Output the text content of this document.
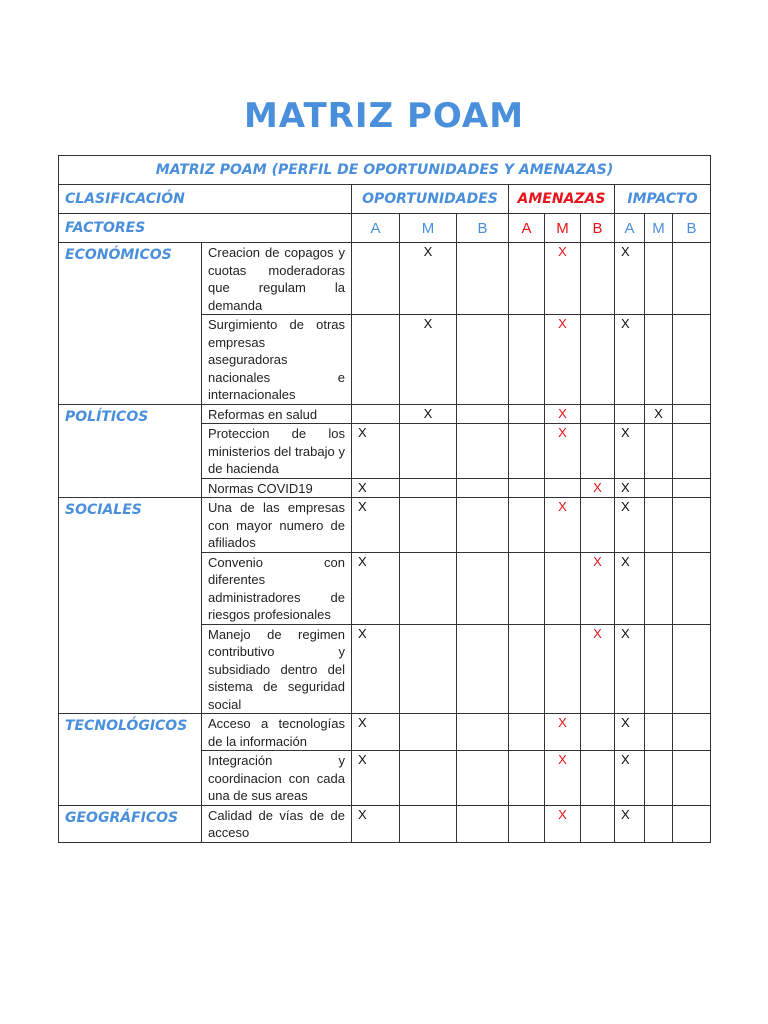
MATRIZ POAM
MATRIZ POAM (PERFIL DE OPORTUNIDADES Y AMENAZAS)										
CLASIFICACIÓN		OPORTUNIDADES			AMENAZAS			IMPACTO		
FACTORES		A	M	B	A	M	B	A	M	B
ECONÓMICOS	Creacion de copagos y cuotas moderadoras que regulam la demanda		X			X		X		
	Surgimiento de otras empresas aseguradoras nacionales e internacionales		X			X		X		
POLÍTICOS	Reformas en salud		X			X			X	
	Proteccion de los ministerios del trabajo y de hacienda	X				X		X		
	Normas COVID19	X					X	X		
SOCIALES	Una de las empresas con mayor numero de afiliados	X				X		X		
	Convenio con diferentes administradores de riesgos profesionales	X					X	X		
	Manejo de regimen contributivo y subsidiado dentro del sistema de seguridad social	X					X	X		
TECNOLÓGICOS	Acceso a tecnologías de la información	X				X		X		
	Integración y coordinacion con cada una de sus areas	X				X		X		
GEOGRÁFICOS	Calidad de vías de de acceso	X				X		X		
